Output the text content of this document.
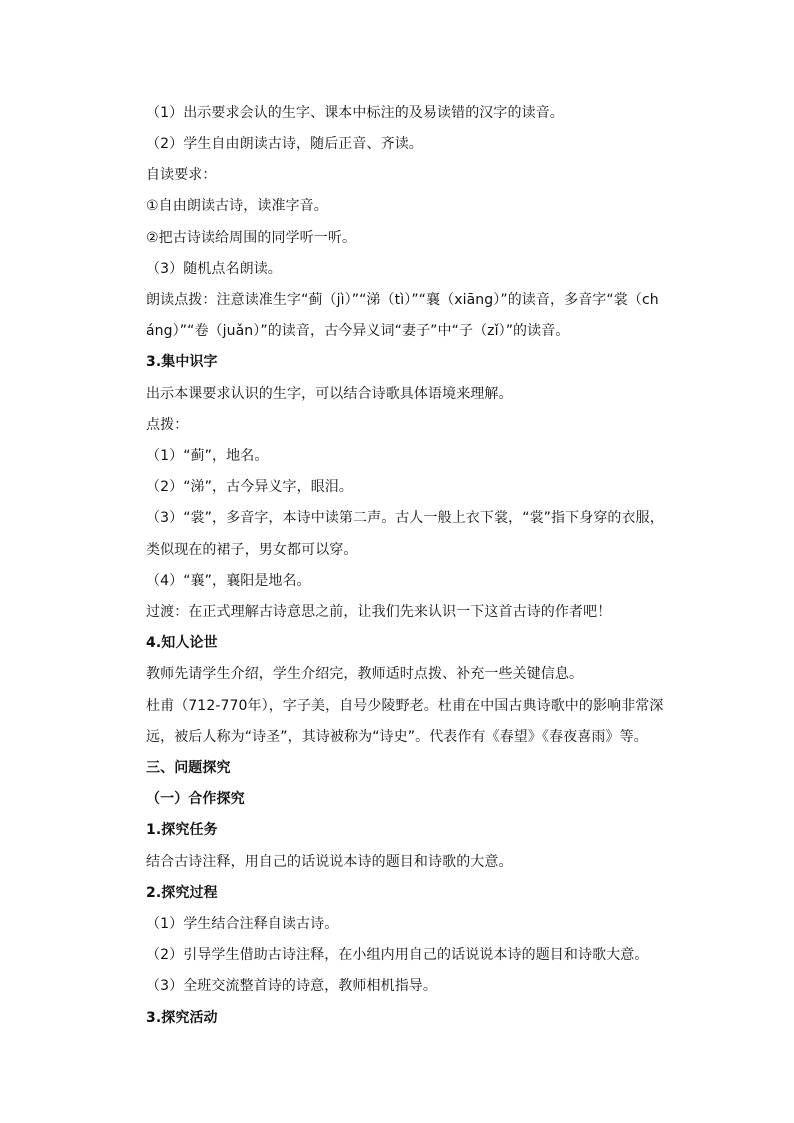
（1）出示要求会认的生字、课本中标注的及易读错的汉字的读音。
（2）学生自由朗读古诗，随后正音、齐读。
自读要求：
①自由朗读古诗，读准字音。
②把古诗读给周围的同学听一听。
（3）随机点名朗读。
朗读点拨：注意读准生字“蓟（jì）”“涕（tì）”“襄（xiāng）”的读音，多音字“裳（ch
áng）”“卷（juǎn）”的读音，古今异义词“妻子”中“子（zǐ）”的读音。
3.集中识字
出示本课要求认识的生字，可以结合诗歌具体语境来理解。
点拨：
（1）“蓟”，地名。
（2）“涕”，古今异义字，眼泪。
（3）“裳”，多音字，本诗中读第二声。古人一般上衣下裳，“裳”指下身穿的衣服，
类似现在的裙子，男女都可以穿。
（4）“襄”，襄阳是地名。
过渡：在正式理解古诗意思之前，让我们先来认识一下这首古诗的作者吧！
4.知人论世
教师先请学生介绍，学生介绍完，教师适时点拨、补充一些关键信息。
杜甫（712-770年），字子美，自号少陵野老。杜甫在中国古典诗歌中的影响非常深
远，被后人称为“诗圣”，其诗被称为“诗史”。代表作有《春望》《春夜喜雨》等。
三、问题探究
（一）合作探究
1.探究任务
结合古诗注释，用自己的话说说本诗的题目和诗歌的大意。
2.探究过程
（1）学生结合注释自读古诗。
（2）引导学生借助古诗注释，在小组内用自己的话说说本诗的题目和诗歌大意。
（3）全班交流整首诗的诗意，教师相机指导。
3.探究活动
